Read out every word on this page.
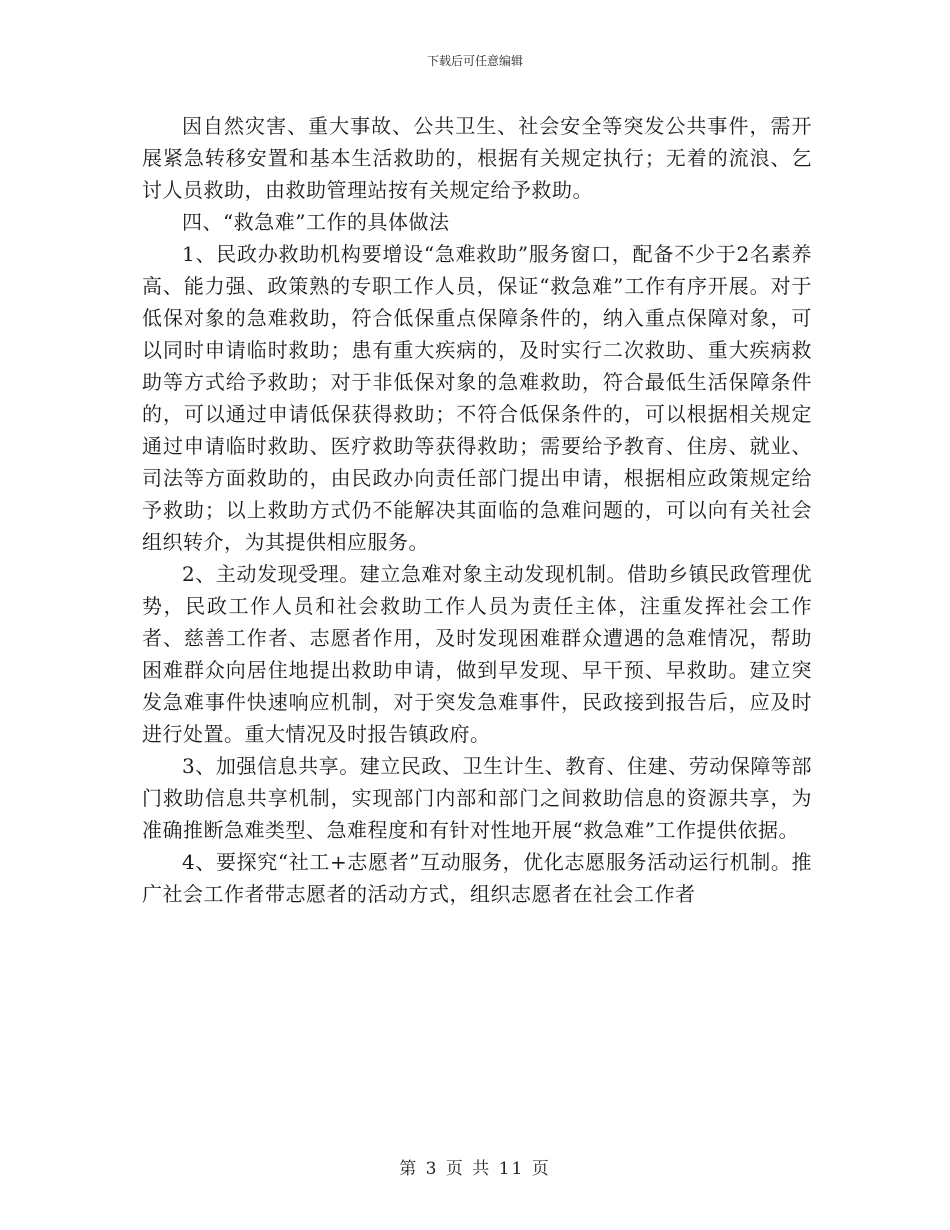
下载后可任意编辑

因自然灾害、重大事故、公共卫生、社会安全等突发公共事件，需开展紧急转移安置和基本生活救助的，根据有关规定执行；无着的流浪、乞讨人员救助，由救助管理站按有关规定给予救助。

四、“救急难”工作的具体做法

1、民政办救助机构要增设“急难救助”服务窗口，配备不少于2名素养高、能力强、政策熟的专职工作人员，保证“救急难”工作有序开展。对于低保对象的急难救助，符合低保重点保障条件的，纳入重点保障对象，可以同时申请临时救助；患有重大疾病的，及时实行二次救助、重大疾病救助等方式给予救助；对于非低保对象的急难救助，符合最低生活保障条件的，可以通过申请低保获得救助；不符合低保条件的，可以根据相关规定通过申请临时救助、医疗救助等获得救助；需要给予教育、住房、就业、司法等方面救助的，由民政办向责任部门提出申请，根据相应政策规定给予救助；以上救助方式仍不能解决其面临的急难问题的，可以向有关社会组织转介，为其提供相应服务。

2、主动发现受理。建立急难对象主动发现机制。借助乡镇民政管理优势，民政工作人员和社会救助工作人员为责任主体，注重发挥社会工作者、慈善工作者、志愿者作用，及时发现困难群众遭遇的急难情况，帮助困难群众向居住地提出救助申请，做到早发现、早干预、早救助。建立突发急难事件快速响应机制，对于突发急难事件，民政接到报告后，应及时进行处置。重大情况及时报告镇政府。

3、加强信息共享。建立民政、卫生计生、教育、住建、劳动保障等部门救助信息共享机制，实现部门内部和部门之间救助信息的资源共享，为准确推断急难类型、急难程度和有针对性地开展“救急难”工作提供依据。

4、要探究“社工+志愿者”互动服务，优化志愿服务活动运行机制。推广社会工作者带志愿者的活动方式，组织志愿者在社会工作者

第 3 页 共 11 页
